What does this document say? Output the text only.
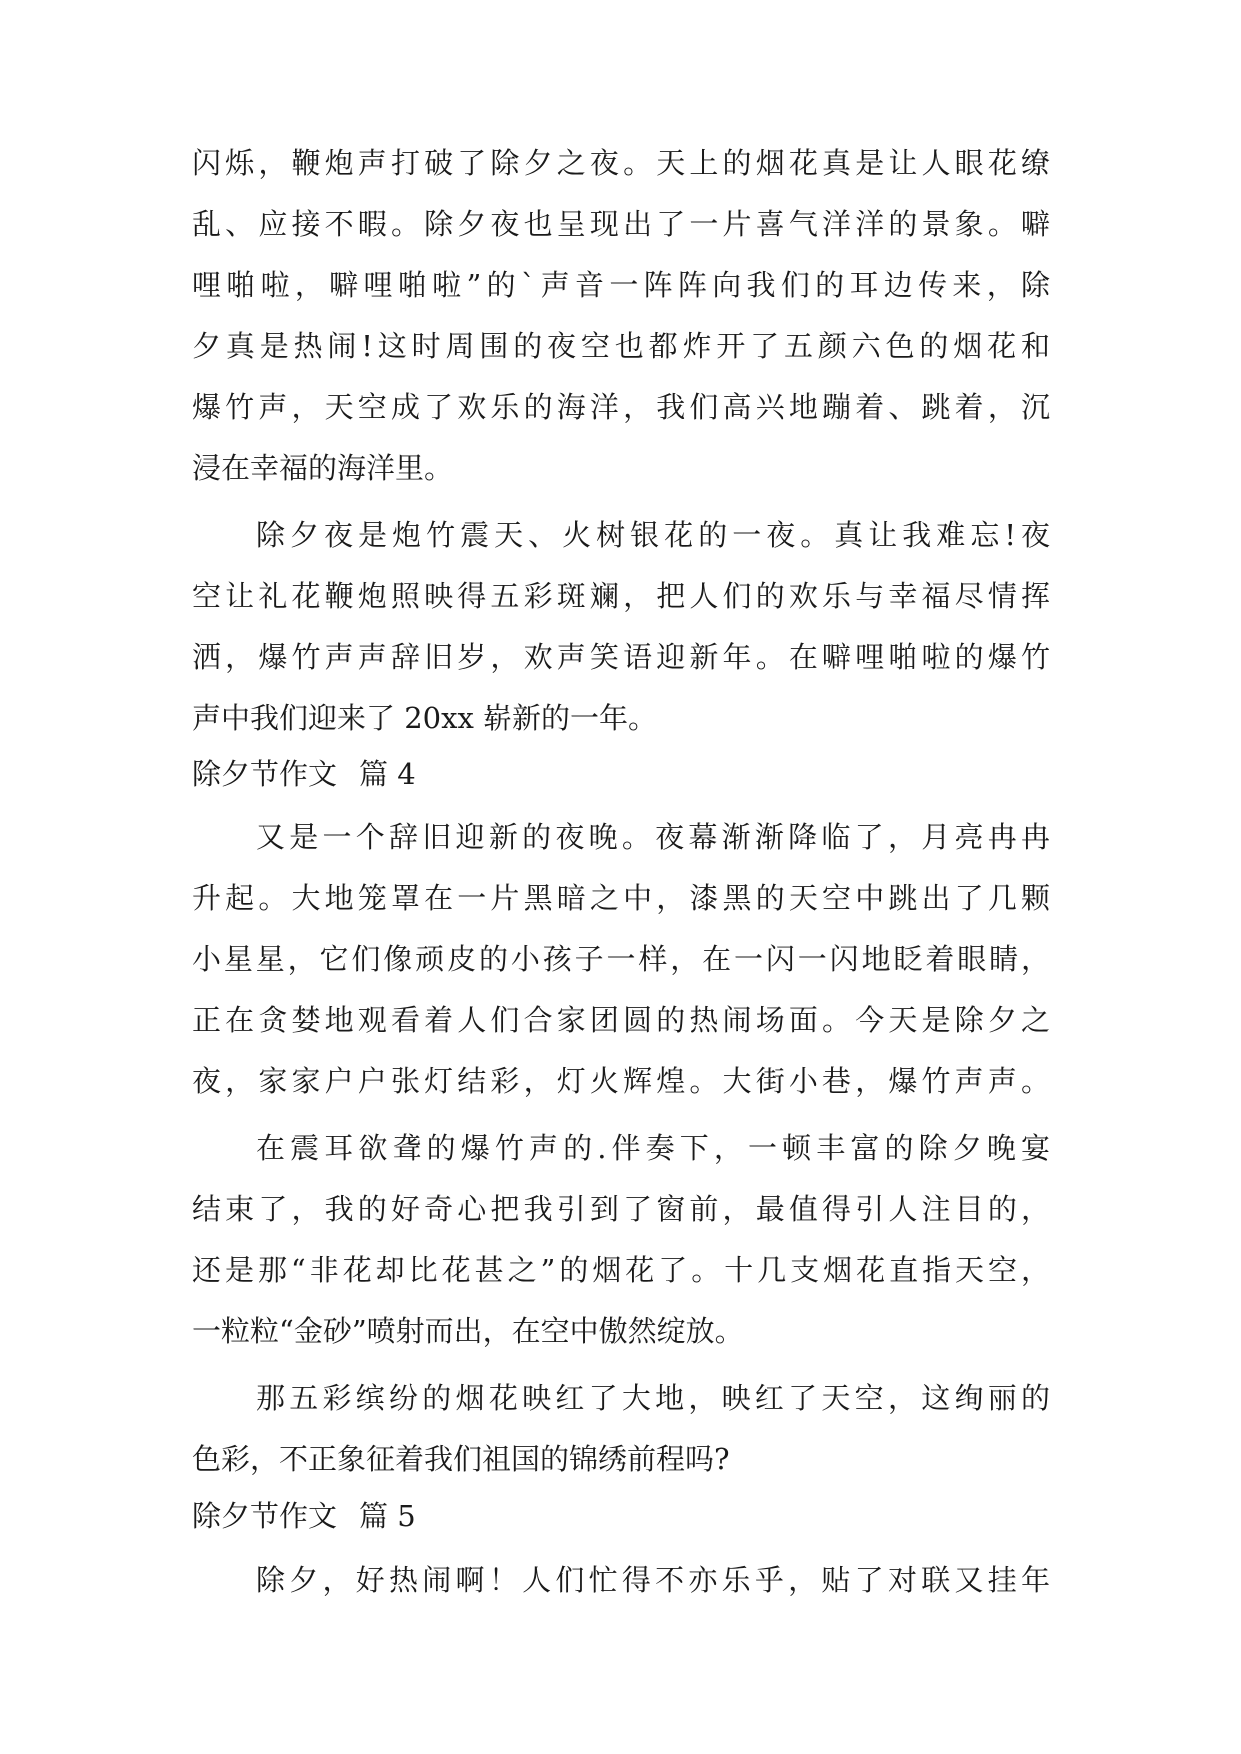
闪烁，鞭炮声打破了除夕之夜。天上的烟花真是让人眼花缭
乱、应接不暇。除夕夜也呈现出了一片喜气洋洋的景象。噼
哩啪啦，噼哩啪啦”的`声音一阵阵向我们的耳边传来，除
夕真是热闹!这时周围的夜空也都炸开了五颜六色的烟花和
爆竹声，天空成了欢乐的海洋，我们高兴地蹦着、跳着，沉
浸在幸福的海洋里。
除夕夜是炮竹震天、火树银花的一夜。真让我难忘!夜
空让礼花鞭炮照映得五彩斑斓，把人们的欢乐与幸福尽情挥
洒，爆竹声声辞旧岁，欢声笑语迎新年。在噼哩啪啦的爆竹
声中我们迎来了 20xx 崭新的一年。
除夕节作文 篇 4
又是一个辞旧迎新的夜晚。夜幕渐渐降临了，月亮冉冉
升起。大地笼罩在一片黑暗之中，漆黑的天空中跳出了几颗
小星星，它们像顽皮的小孩子一样，在一闪一闪地眨着眼睛，
正在贪婪地观看着人们合家团圆的热闹场面。今天是除夕之
夜，家家户户张灯结彩，灯火辉煌。大街小巷，爆竹声声。
在震耳欲聋的爆竹声的.伴奏下，一顿丰富的除夕晚宴
结束了，我的好奇心把我引到了窗前，最值得引人注目的，
还是那“非花却比花甚之”的烟花了。十几支烟花直指天空，
一粒粒“金砂”喷射而出，在空中傲然绽放。
那五彩缤纷的烟花映红了大地，映红了天空，这绚丽的
色彩，不正象征着我们祖国的锦绣前程吗?
除夕节作文 篇 5
除夕，好热闹啊！人们忙得不亦乐乎，贴了对联又挂年
